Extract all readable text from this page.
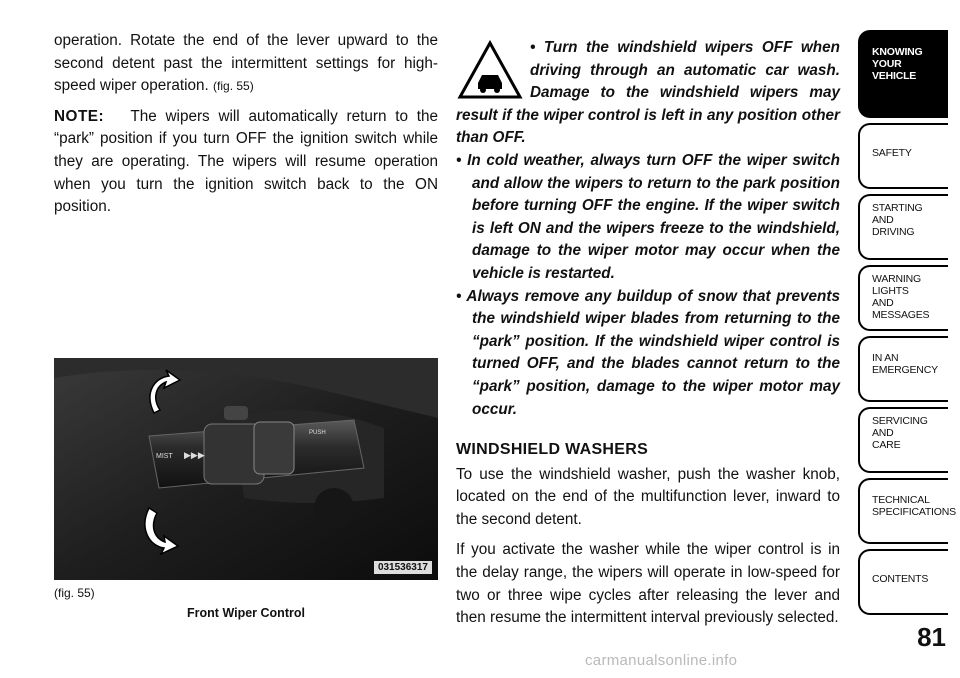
operation. Rotate the end of the lever upward to the second detent past the intermittent settings for high-speed wiper operation. (fig. 55)

NOTE: The wipers will automatically return to the “park” position if you turn OFF the ignition switch while they are operating. The wipers will resume operation when you turn the ignition switch back to the ON position.

MIST
PUSH
▶▶▶
031536317
(fig. 55)
Front Wiper Control
• Turn the windshield wipers OFF when driving through an automatic car wash. Damage to the windshield wipers may result if the wiper control is left in any position other than OFF.
• In cold weather, always turn OFF the wiper switch and allow the wipers to return to the park position before turning OFF the engine. If the wiper switch is left ON and the wipers freeze to the windshield, damage to the wiper motor may occur when the vehicle is restarted.
• Always remove any buildup of snow that prevents the windshield wiper blades from returning to the “park” position. If the windshield wiper control is turned OFF, and the blades cannot return to the “park” position, damage to the wiper motor may occur.
WINDSHIELD WASHERS

To use the windshield washer, push the washer knob, located on the end of the multifunction lever, inward to the second detent.

If you activate the washer while the wiper control is in the delay range, the wipers will operate in low-speed for two or three wipe cycles after releasing the lever and then resume the intermittent interval previously selected.

KNOWING
YOUR
VEHICLE
SAFETY
STARTING
AND
DRIVING
WARNING
LIGHTS
AND
MESSAGES
IN AN
EMERGENCY
SERVICING
AND
CARE
TECHNICAL
SPECIFICATIONS
CONTENTS
81
carmanualsonline.info
